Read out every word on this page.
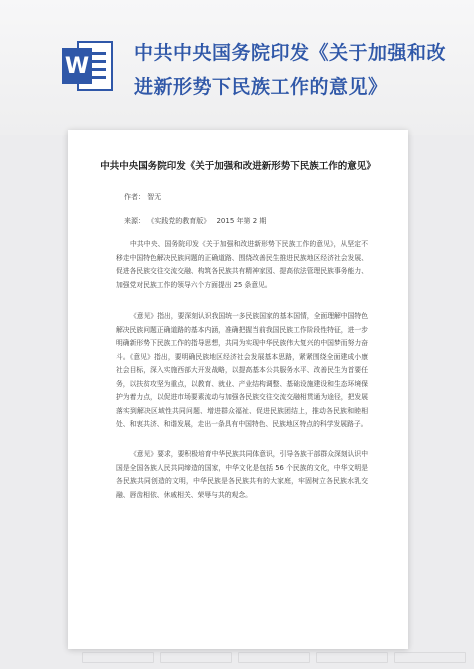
W
中共中央国务院印发《关于加强和改进新形势下民族工作的意见》
中共中央国务院印发《关于加强和改进新形势下民族工作的意见》
作者： 智无
来源： 《实践党的教育版》 2015 年第 2 期

中共中央、国务院印发《关于加强和改进新形势下民族工作的意见》，从坚定不移走中国特色解决民族问题的正确道路、围绕改善民生推进民族地区经济社会发展、促进各民族交往交流交融、构筑各民族共有精神家园、提高依法管理民族事务能力、加强党对民族工作的领导六个方面提出 25 条意见。

《意见》指出，要深刻认识我国统一多民族国家的基本国情，全面理解中国特色解决民族问题正确道路的基本内涵，准确把握当前我国民族工作阶段性特征，进一步明确新形势下民族工作的指导思想，共同为实现中华民族伟大复兴的中国梦而努力奋斗。《意见》指出，要明确民族地区经济社会发展基本思路，紧紧围绕全面建成小康社会目标，深入实施西部大开发战略，以提高基本公共服务水平、改善民生为首要任务，以扶贫攻坚为重点，以教育、就业、产业结构调整、基础设施建设和生态环境保护为着力点，以促进市场要素流动与加强各民族交往交流交融相贯通为途径，把发展落实到解决区域性共同问题、增进群众福祉、促进民族团结上，推动各民族和睦相处、和衷共济、和谐发展，走出一条具有中国特色、民族地区特点的科学发展路子。

《意见》要求，要积极培育中华民族共同体意识，引导各族干部群众深刻认识中国是全国各族人民共同缔造的国家，中华文化是包括 56 个民族的文化，中华文明是各民族共同创造的文明，中华民族是各民族共有的大家庭，牢固树立各民族水乳交融、唇齿相依、休戚相关、荣辱与共的观念。
